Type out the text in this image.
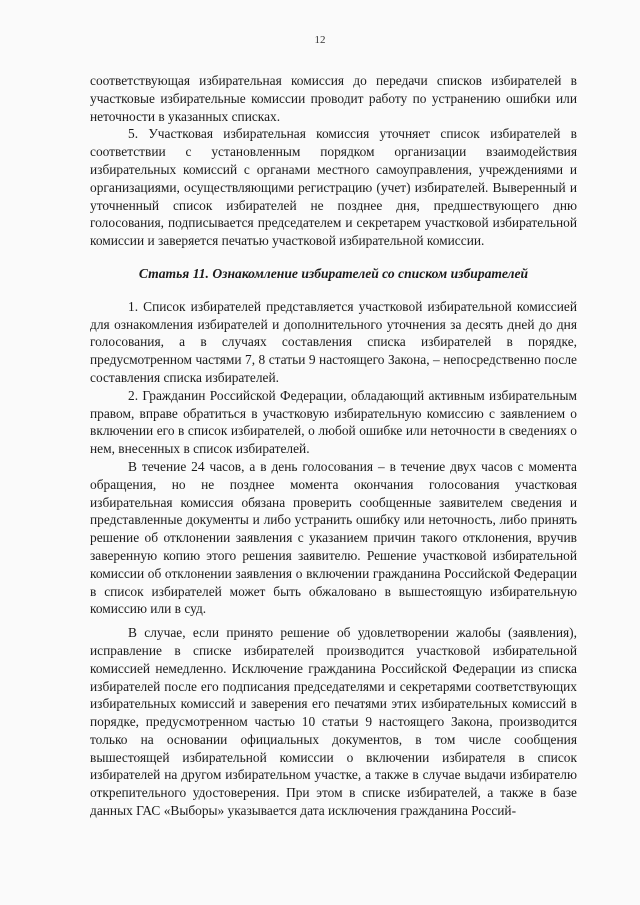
12

соответствующая избирательная комиссия до передачи списков избирателей в участковые избирательные комиссии проводит работу по устранению ошибки или неточности в указанных списках.

5. Участковая избирательная комиссия уточняет список избирателей в соответствии с установленным порядком организации взаимодействия избирательных комиссий с органами местного самоуправления, учреждениями и организациями, осуществляющими регистрацию (учет) избирателей. Выверенный и уточненный список избирателей не позднее дня, предшествующего дню голосования, подписывается председателем и секретарем участковой избирательной комиссии и заверяется печатью участковой избирательной комиссии.

Статья 11. Ознакомление избирателей со списком избирателей

1. Список избирателей представляется участковой избирательной комиссией для ознакомления избирателей и дополнительного уточнения за десять дней до дня голосования, а в случаях составления списка избирателей в порядке, предусмотренном частями 7, 8 статьи 9 настоящего Закона, – непосредственно после составления списка избирателей.

2. Гражданин Российской Федерации, обладающий активным избирательным правом, вправе обратиться в участковую избирательную комиссию с заявлением о включении его в список избирателей, о любой ошибке или неточности в сведениях о нем, внесенных в список избирателей.

В течение 24 часов, а в день голосования – в течение двух часов с момента обращения, но не позднее момента окончания голосования участковая избирательная комиссия обязана проверить сообщенные заявителем сведения и представленные документы и либо устранить ошибку или неточность, либо принять решение об отклонении заявления с указанием причин такого отклонения, вручив заверенную копию этого решения заявителю. Решение участковой избирательной комиссии об отклонении заявления о включении гражданина Российской Федерации в список избирателей может быть обжаловано в вышестоящую избирательную комиссию или в суд.

В случае, если принято решение об удовлетворении жалобы (заявления), исправление в списке избирателей производится участковой избирательной комиссией немедленно. Исключение гражданина Российской Федерации из списка избирателей после его подписания председателями и секретарями соответствующих избирательных комиссий и заверения его печатями этих избирательных комиссий в порядке, предусмотренном частью 10 статьи 9 настоящего Закона, производится только на основании официальных документов, в том числе сообщения вышестоящей избирательной комиссии о включении избирателя в список избирателей на другом избирательном участке, а также в случае выдачи избирателю открепительного удостоверения. При этом в списке избирателей, а также в базе данных ГАС «Выборы» указывается дата исключения гражданина Россий-
